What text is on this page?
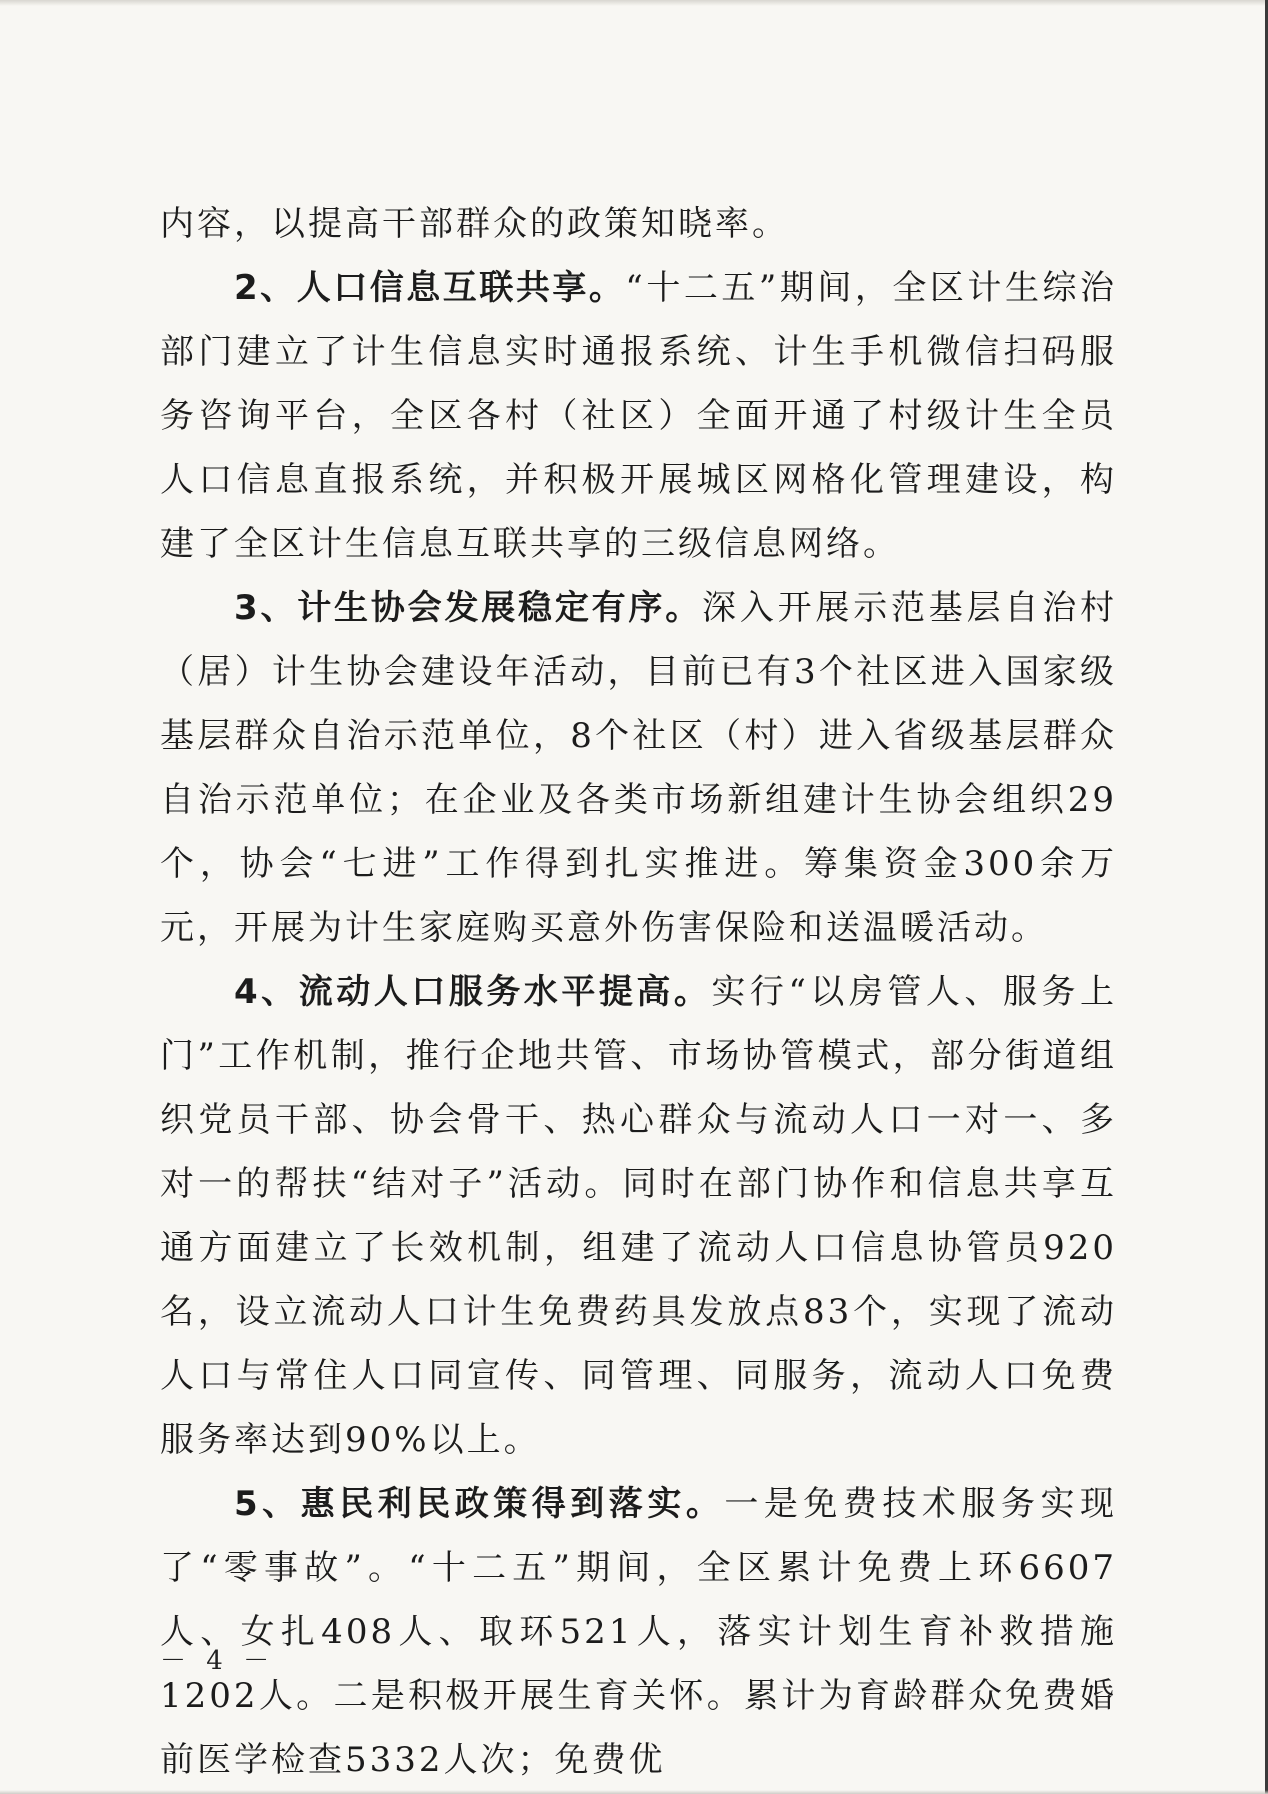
内容，以提高干部群众的政策知晓率。

2、人口信息互联共享。“十二五”期间，全区计生综治部门建立了计生信息实时通报系统、计生手机微信扫码服务咨询平台，全区各村（社区）全面开通了村级计生全员人口信息直报系统，并积极开展城区网格化管理建设，构建了全区计生信息互联共享的三级信息网络。

3、计生协会发展稳定有序。深入开展示范基层自治村（居）计生协会建设年活动，目前已有3个社区进入国家级基层群众自治示范单位，8个社区（村）进入省级基层群众自治示范单位；在企业及各类市场新组建计生协会组织29个，协会“七进”工作得到扎实推进。筹集资金300余万元，开展为计生家庭购买意外伤害保险和送温暖活动。

4、流动人口服务水平提高。实行“以房管人、服务上门”工作机制，推行企地共管、市场协管模式，部分街道组织党员干部、协会骨干、热心群众与流动人口一对一、多对一的帮扶“结对子”活动。同时在部门协作和信息共享互通方面建立了长效机制，组建了流动人口信息协管员920名，设立流动人口计生免费药具发放点83个，实现了流动人口与常住人口同宣传、同管理、同服务，流动人口免费服务率达到90%以上。

5、惠民利民政策得到落实。一是免费技术服务实现了“零事故”。“十二五”期间，全区累计免费上环6607人、女扎408人、取环521人，落实计划生育补救措施1202人。二是积极开展生育关怀。累计为育龄群众免费婚前医学检查5332人次；免费优

－ 4 －
